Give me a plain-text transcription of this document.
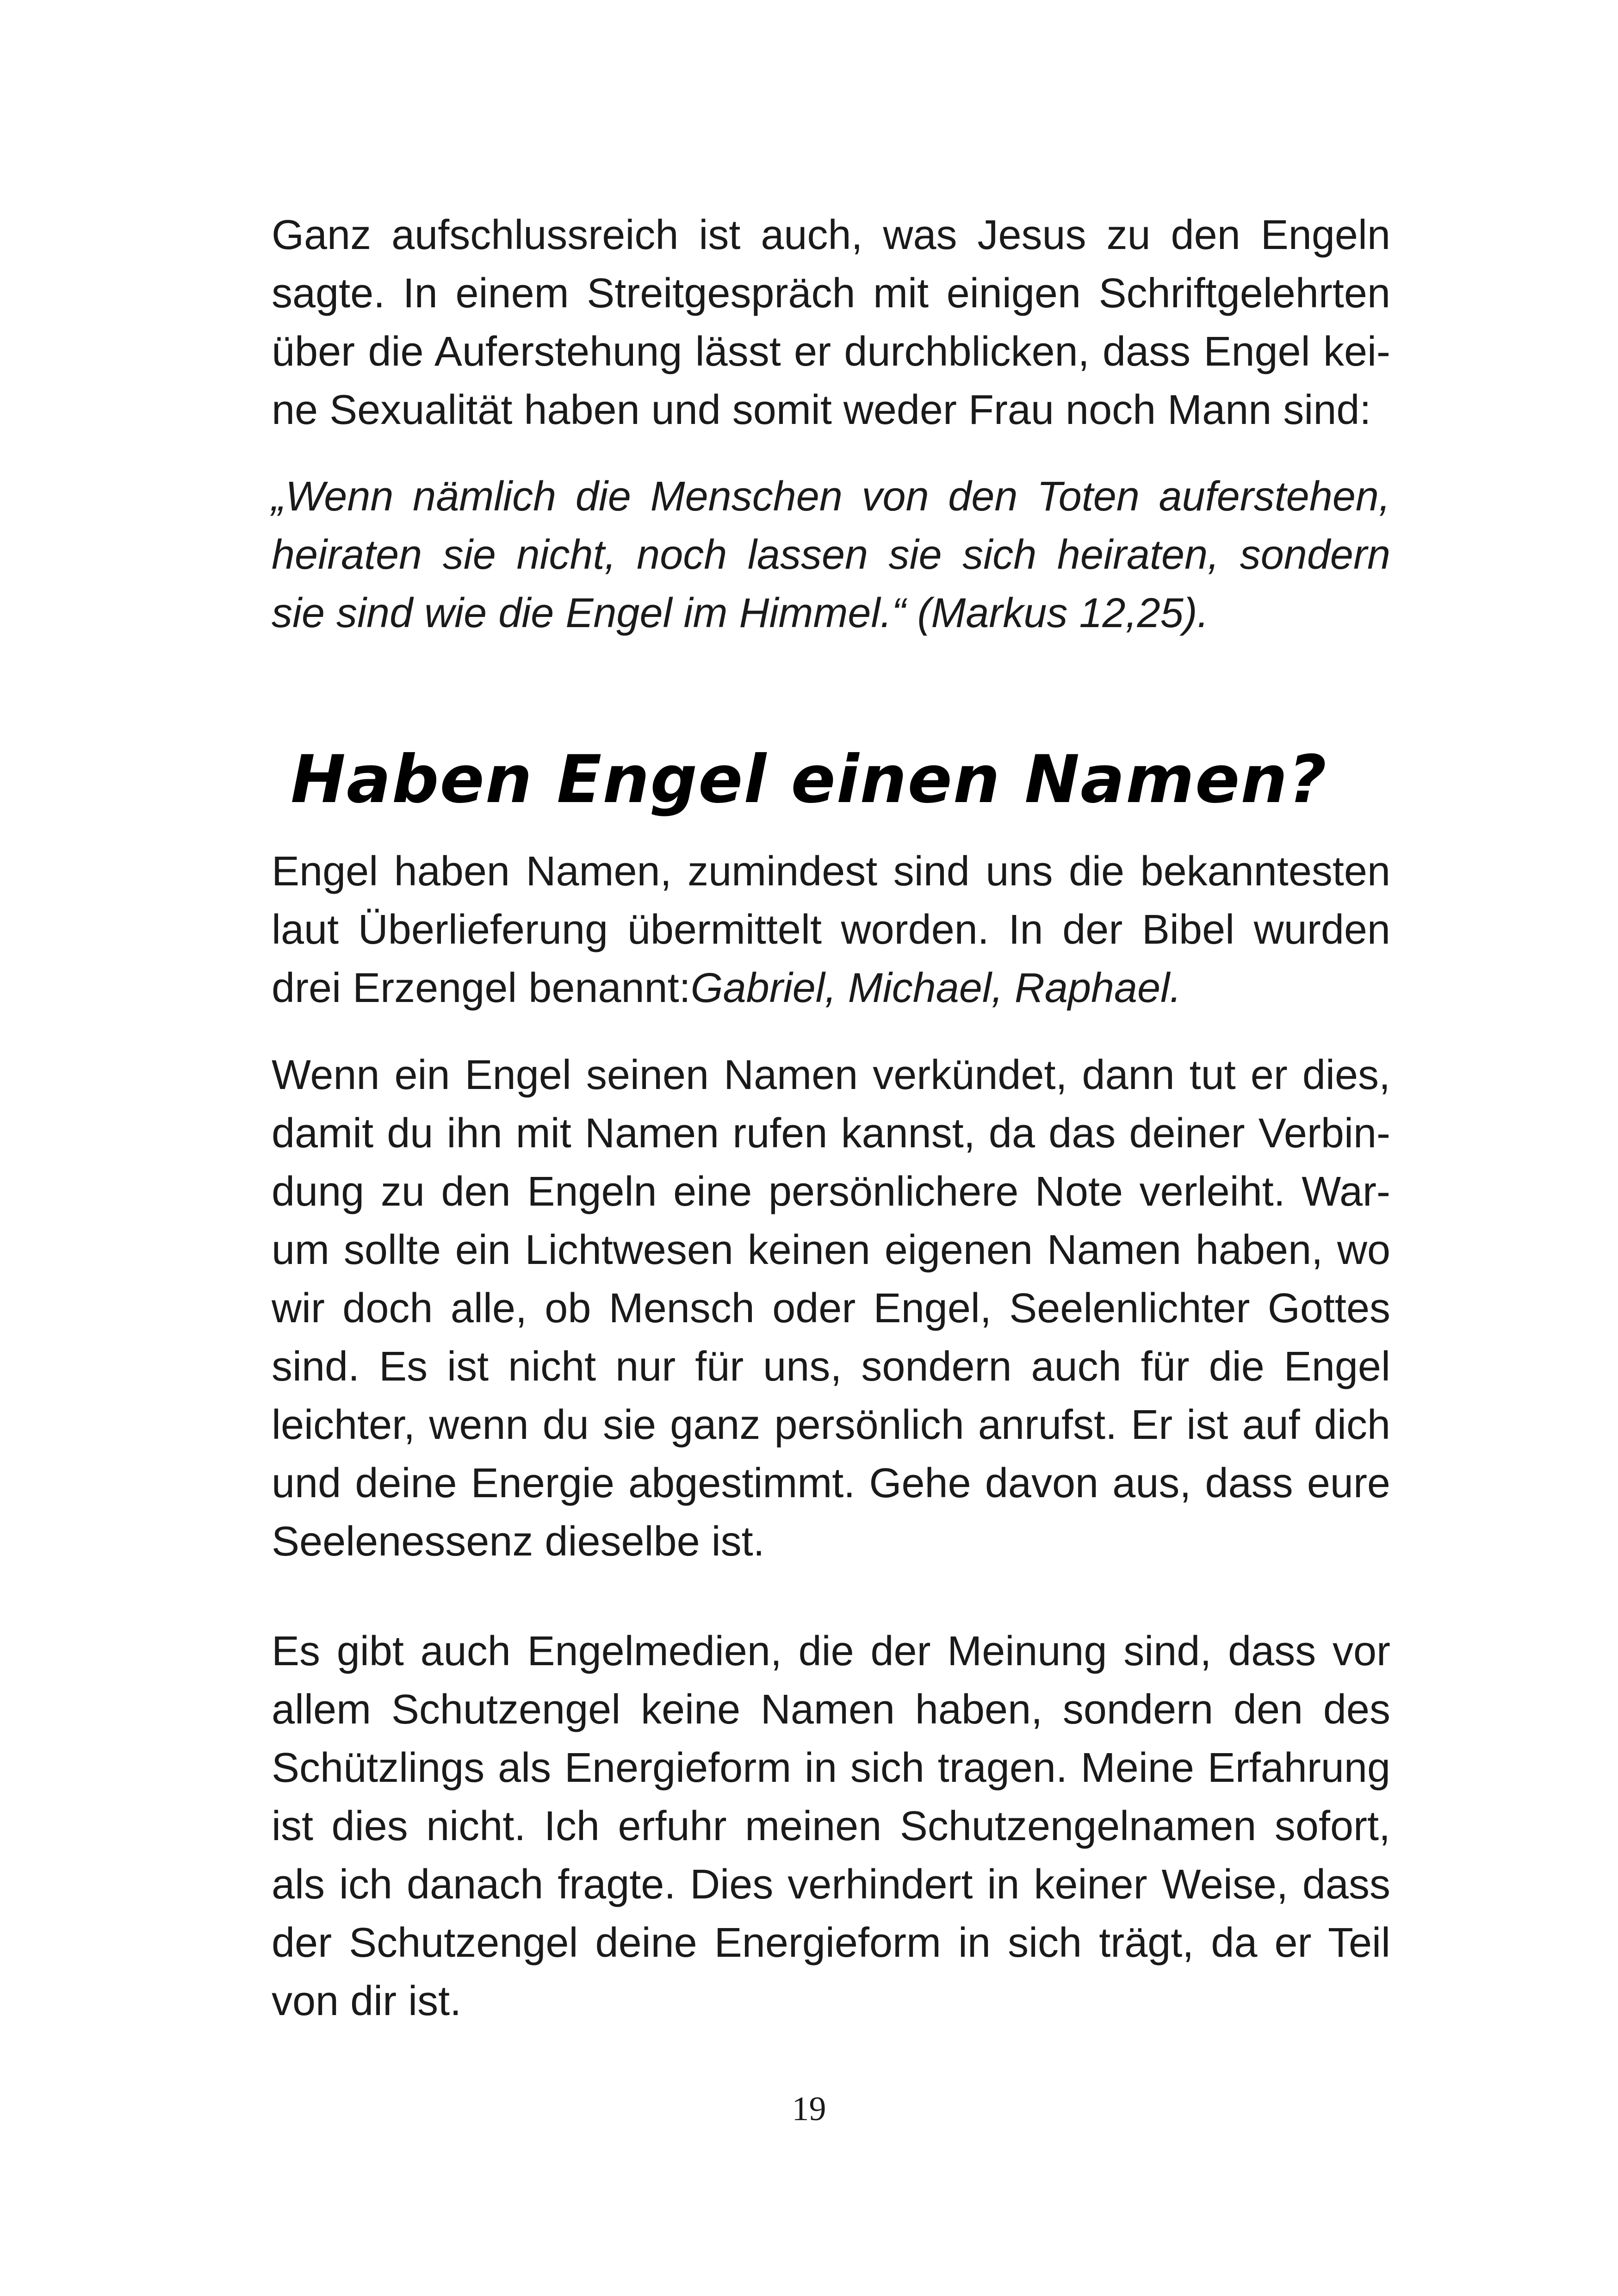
Ganz aufschlussreich ist auch, was Jesus zu den Engeln
sagte. In einem Streitgespräch mit einigen Schriftgelehrten
über die Auferstehung lässt er durchblicken, dass Engel kei-
ne Sexualität haben und somit weder Frau noch Mann sind:
„Wenn nämlich die Menschen von den Toten auferstehen,
heiraten sie nicht, noch lassen sie sich heiraten, sondern
sie sind wie die Engel im Himmel.“ (Markus 12,25).
Haben Engel einen Namen?
Engel haben Namen, zumindest sind uns die bekanntesten
laut Überlieferung übermittelt worden. In der Bibel wurden
drei Erzengel benannt:Gabriel, Michael, Raphael.
Wenn ein Engel seinen Namen verkündet, dann tut er dies,
damit du ihn mit Namen rufen kannst, da das deiner Verbin-
dung zu den Engeln eine persönlichere Note verleiht. War-
um sollte ein Lichtwesen keinen eigenen Namen haben, wo
wir doch alle, ob Mensch oder Engel, Seelenlichter Gottes
sind. Es ist nicht nur für uns, sondern auch für die Engel
leichter, wenn du sie ganz persönlich anrufst. Er ist auf dich
und deine Energie abgestimmt. Gehe davon aus, dass eure
Seelenessenz dieselbe ist.
Es gibt auch Engelmedien, die der Meinung sind, dass vor
allem Schutzengel keine Namen haben, sondern den des
Schützlings als Energieform in sich tragen. Meine Erfahrung
ist dies nicht. Ich erfuhr meinen Schutzengelnamen sofort,
als ich danach fragte. Dies verhindert in keiner Weise, dass
der Schutzengel deine Energieform in sich trägt, da er Teil
von dir ist.
19
